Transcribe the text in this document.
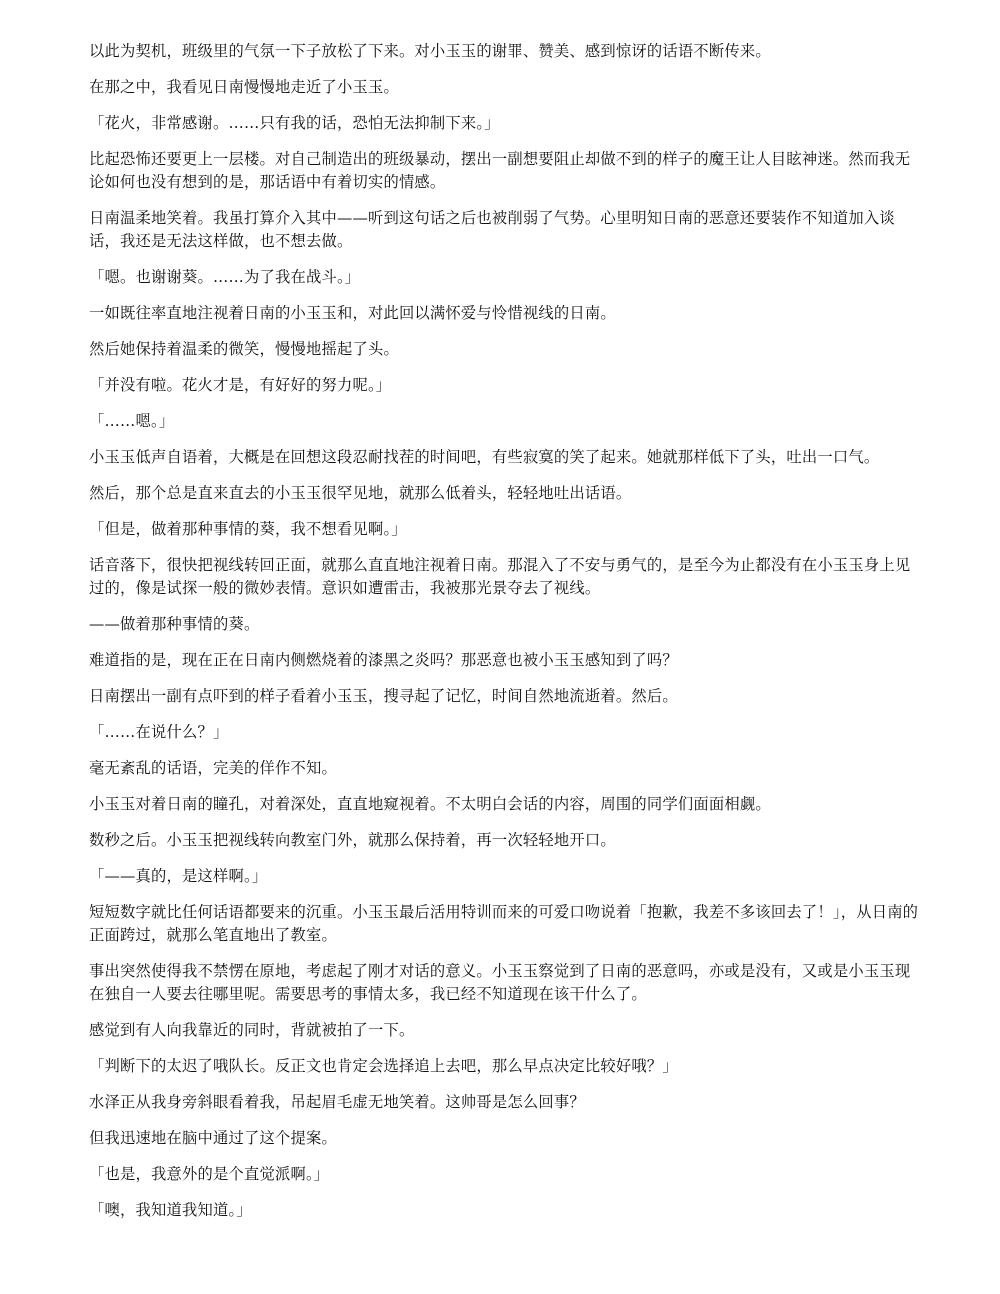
以此为契机，班级里的气氛一下子放松了下来。对小玉玉的谢罪、赞美、感到惊讶的话语不断传来。

在那之中，我看见日南慢慢地走近了小玉玉。

「花火，非常感谢。……只有我的话，恐怕无法抑制下来。」

比起恐怖还要更上一层楼。对自己制造出的班级暴动，摆出一副想要阻止却做不到的样子的魔王让人目眩神迷。然而我无论如何也没有想到的是，那话语中有着切实的情感。

日南温柔地笑着。我虽打算介入其中——听到这句话之后也被削弱了气势。心里明知日南的恶意还要装作不知道加入谈话，我还是无法这样做，也不想去做。

「嗯。也谢谢葵。……为了我在战斗。」

一如既往率直地注视着日南的小玉玉和，对此回以满怀爱与怜惜视线的日南。

然后她保持着温柔的微笑，慢慢地摇起了头。

「并没有啦。花火才是，有好好的努力呢。」

「……嗯。」

小玉玉低声自语着，大概是在回想这段忍耐找茬的时间吧，有些寂寞的笑了起来。她就那样低下了头，吐出一口气。

然后，那个总是直来直去的小玉玉很罕见地，就那么低着头，轻轻地吐出话语。

「但是，做着那种事情的葵，我不想看见啊。」

话音落下，很快把视线转回正面，就那么直直地注视着日南。那混入了不安与勇气的，是至今为止都没有在小玉玉身上见过的，像是试探一般的微妙表情。意识如遭雷击，我被那光景夺去了视线。

——做着那种事情的葵。

难道指的是，现在正在日南内侧燃烧着的漆黑之炎吗？那恶意也被小玉玉感知到了吗？

日南摆出一副有点吓到的样子看着小玉玉，搜寻起了记忆，时间自然地流逝着。然后。

「……在说什么？」

毫无紊乱的话语，完美的佯作不知。

小玉玉对着日南的瞳孔，对着深处，直直地窥视着。不太明白会话的内容，周围的同学们面面相觑。

数秒之后。小玉玉把视线转向教室门外，就那么保持着，再一次轻轻地开口。

「——真的，是这样啊。」

短短数字就比任何话语都要来的沉重。小玉玉最后活用特训而来的可爱口吻说着「抱歉，我差不多该回去了！」，从日南的正面跨过，就那么笔直地出了教室。

事出突然使得我不禁愣在原地，考虑起了刚才对话的意义。小玉玉察觉到了日南的恶意吗，亦或是没有，又或是小玉玉现在独自一人要去往哪里呢。需要思考的事情太多，我已经不知道现在该干什么了。

感觉到有人向我靠近的同时，背就被拍了一下。

「判断下的太迟了哦队长。反正文也肯定会选择追上去吧，那么早点决定比较好哦？」

水泽正从我身旁斜眼看着我，吊起眉毛虚无地笑着。这帅哥是怎么回事？

但我迅速地在脑中通过了这个提案。

「也是，我意外的是个直觉派啊。」

「噢，我知道我知道。」
